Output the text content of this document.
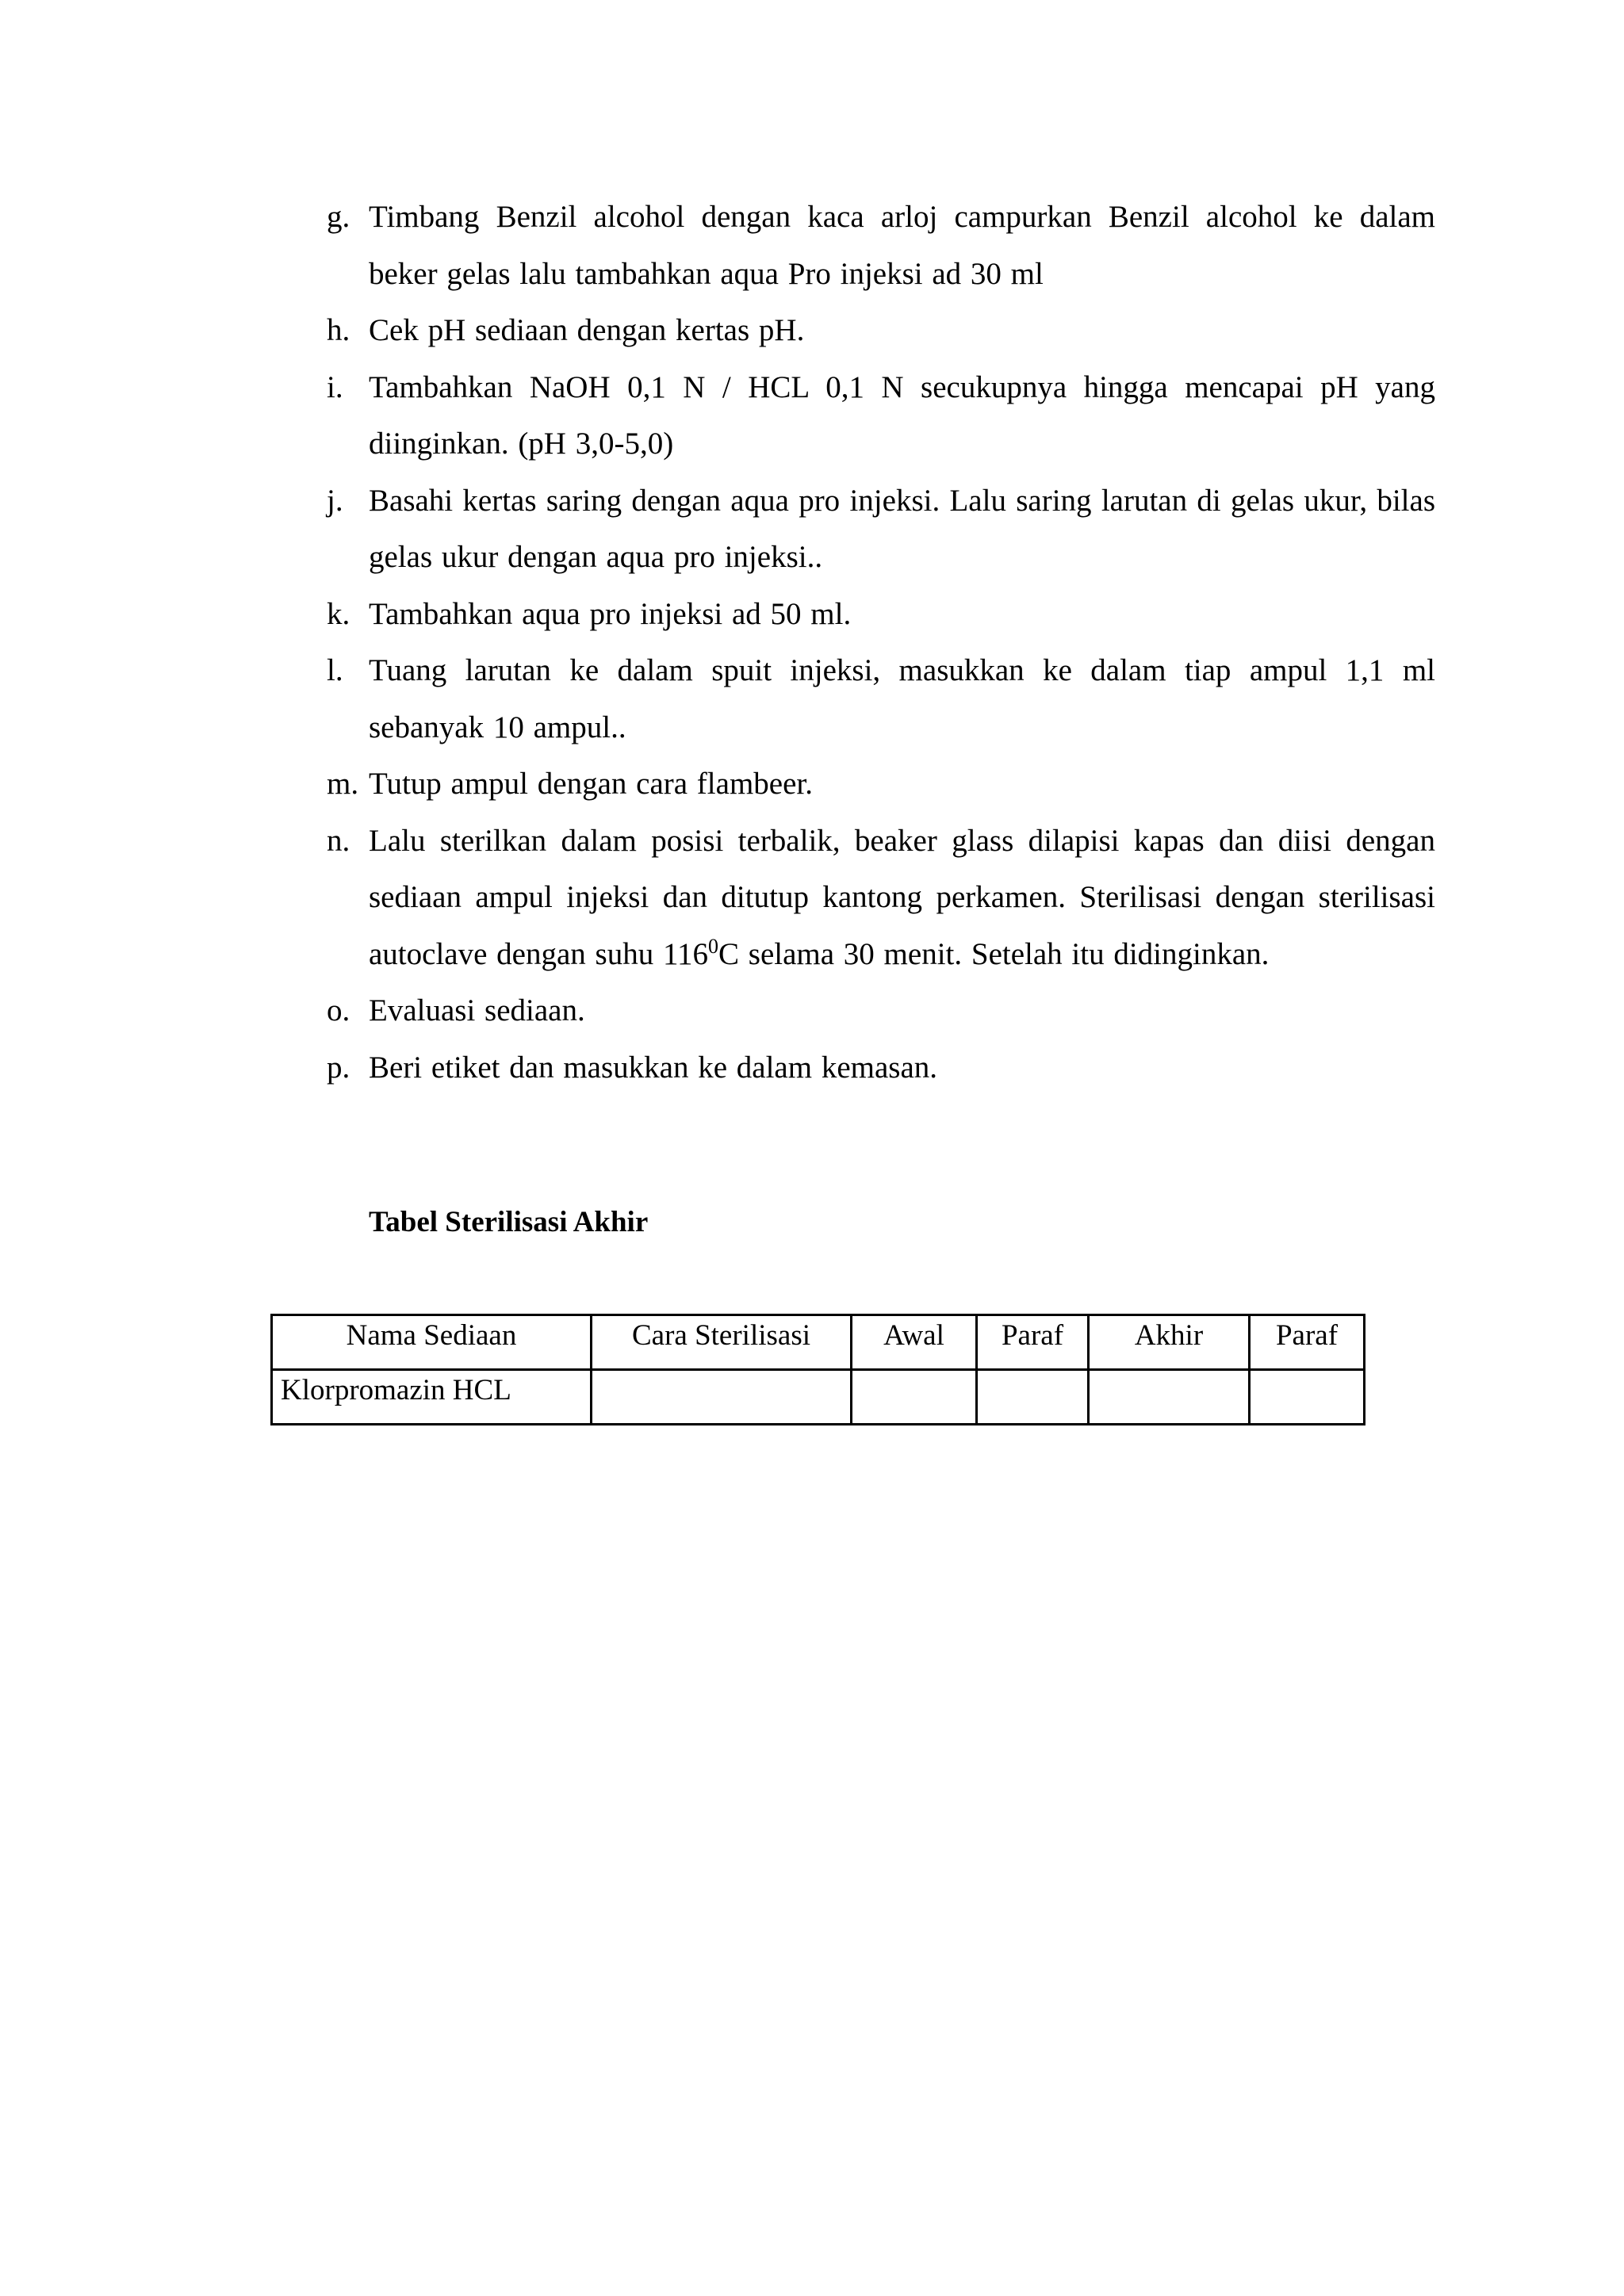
g. Timbang Benzil alcohol dengan kaca arloj campurkan Benzil alcohol ke dalam beker gelas lalu tambahkan aqua Pro injeksi ad 30 ml
h. Cek pH sediaan dengan kertas pH.
i. Tambahkan NaOH 0,1 N / HCL 0,1 N secukupnya hingga mencapai pH yang diinginkan. (pH 3,0-5,0)
j. Basahi kertas saring dengan aqua pro injeksi. Lalu saring larutan di gelas ukur, bilas gelas ukur dengan aqua pro injeksi..
k. Tambahkan aqua pro injeksi ad 50 ml.
l. Tuang larutan ke dalam spuit injeksi, masukkan ke dalam tiap ampul 1,1 ml sebanyak 10 ampul..
m. Tutup ampul dengan cara flambeer.
n. Lalu sterilkan dalam posisi terbalik, beaker glass dilapisi kapas dan diisi dengan sediaan ampul injeksi dan ditutup kantong perkamen. Sterilisasi dengan sterilisasi autoclave dengan suhu $116^0C$ selama 30 menit. Setelah itu didinginkan.
o. Evaluasi sediaan.
p. Beri etiket dan masukkan ke dalam kemasan.
Tabel Sterilisasi Akhir
Nama Sediaan	Cara Sterilisasi	Awal	Paraf	Akhir	Paraf
Klorpromazin HCL					
